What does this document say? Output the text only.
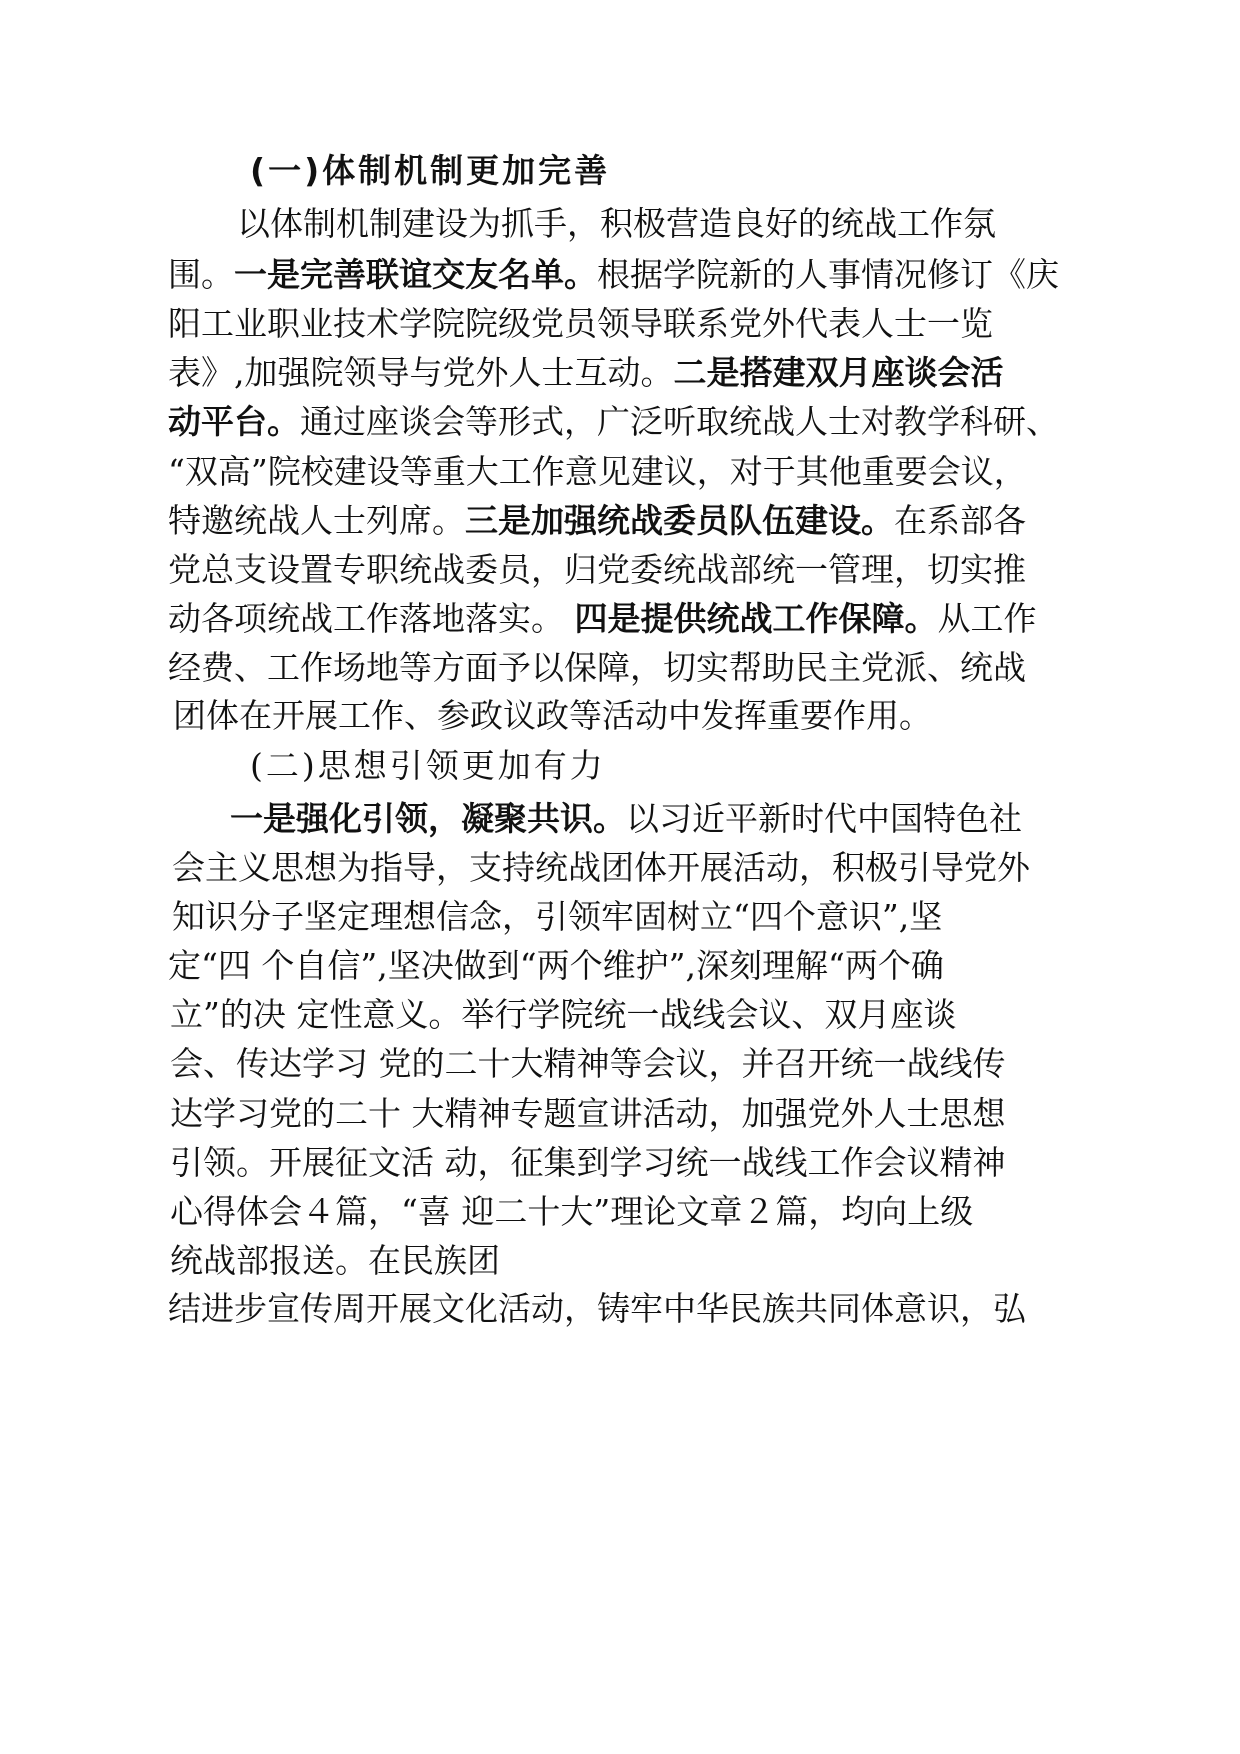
(一)体制机制更加完善
以体制机制建设为抓手，积极营造良好的统战工作氛
围。一是完善联谊交友名单。根据学院新的人事情况修订《庆
阳工业职业技术学院院级党员领导联系党外代表人士一览
表》,加强院领导与党外人士互动。二是搭建双月座谈会活
动平台。通过座谈会等形式，广泛听取统战人士对教学科研、
“双高”院校建设等重大工作意见建议，对于其他重要会议，
特邀统战人士列席。三是加强统战委员队伍建设。在系部各
党总支设置专职统战委员，归党委统战部统一管理，切实推
动各项统战工作落地落实。 四是提供统战工作保障。从工作
经费、工作场地等方面予以保障，切实帮助民主党派、统战
团体在开展工作、参政议政等活动中发挥重要作用。
(二)思想引领更加有力
一是强化引领，凝聚共识。以习近平新时代中国特色社
会主义思想为指导，支持统战团体开展活动，积极引导党外
知识分子坚定理想信念，引领牢固树立“四个意识”,坚
定“四 个自信”,坚决做到“两个维护”,深刻理解“两个确
立”的决 定性意义。举行学院统一战线会议、双月座谈
会、传达学习 党的二十大精神等会议，并召开统一战线传
达学习党的二十 大精神专题宣讲活动，加强党外人士思想
引领。开展征文活 动，征集到学习统一战线工作会议精神
心得体会４篇，“喜 迎二十大”理论文章２篇，均向上级
统战部报送。在民族团
结进步宣传周开展文化活动，铸牢中华民族共同体意识，弘
